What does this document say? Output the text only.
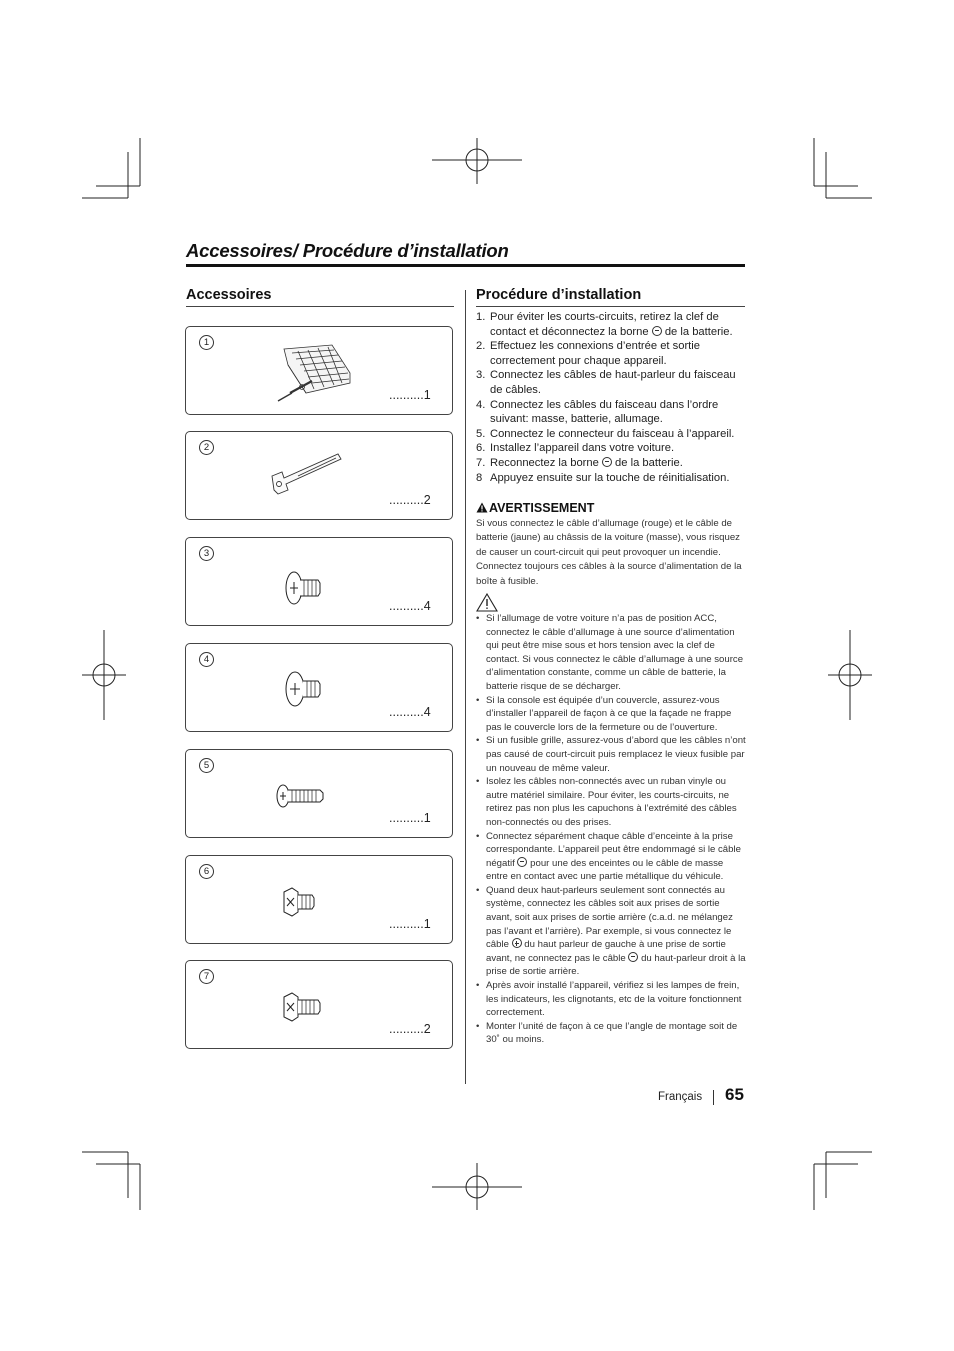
Accessoires/ Procédure d’installation
Accessoires
1
..........1
2
..........2
3
..........4
4
..........4
5
..........1
6
..........1
7
..........2
Procédure d’installation
1. Pour éviter les courts-circuits, retirez la clef de contact et déconnectez la borne  de la batterie.
2. Effectuez les connexions d’entrée et sortie correctement pour chaque appareil.
3. Connectez les câbles de haut-parleur du faisceau de câbles.
4. Connectez les câbles du faisceau dans l’ordre suivant: masse, batterie, allumage.
5. Connectez le connecteur du faisceau à l’appareil.
6. Installez l’appareil dans votre voiture.
7. Reconnectez la borne  de la batterie.
8 Appuyez ensuite sur la touche de réinitialisation.
AVERTISSEMENT

Si vous connectez le câble d’allumage (rouge) et le câble de batterie (jaune) au châssis de la voiture (masse), vous risquez de causer un court-circuit qui peut provoquer un incendie. Connectez toujours ces câbles à la source d’alimentation de la boîte à fusible.

• Si l’allumage de votre voiture n’a pas de position ACC, connectez le câble d’allumage à une source d’alimentation qui peut être mise sous et hors tension avec la clef de contact. Si vous connectez le câble d’allumage à une source d’alimentation constante, comme un câble de batterie, la batterie risque de se décharger.
• Si la console est équipée d’un couvercle, assurez-vous d’installer l’appareil de façon à ce que la façade ne frappe pas le couvercle lors de la fermeture ou de l’ouverture.
• Si un fusible grille, assurez-vous d’abord que les câbles n’ont pas causé de court-circuit puis remplacez le vieux fusible par un nouveau de même valeur.
• Isolez les câbles non-connectés avec un ruban vinyle ou autre matériel similaire. Pour éviter, les courts-circuits, ne retirez pas non plus les capuchons à l’extrémité des câbles non-connectés ou des prises.
• Connectez séparément chaque câble d’enceinte à la prise correspondante. L’appareil peut être endommagé si le câble négatif  pour une des enceintes ou le câble de masse entre en contact avec une partie métallique du véhicule.
• Quand deux haut-parleurs seulement sont connectés au système, connectez les câbles soit aux prises de sortie avant, soit aux prises de sortie arrière (c.a.d. ne mélangez pas l’avant et l’arrière). Par exemple, si vous connectez le câble  du haut parleur de gauche à une prise de sortie avant, ne connectez pas le câble  du haut-parleur droit à la prise de sortie arrière.
• Après avoir installé l’appareil, vérifiez si les lampes de frein, les indicateurs, les clignotants, etc de la voiture fonctionnent correctement.
• Monter l’unité de façon à ce que l’angle de montage soit de 30˚ ou moins.
Français 65
